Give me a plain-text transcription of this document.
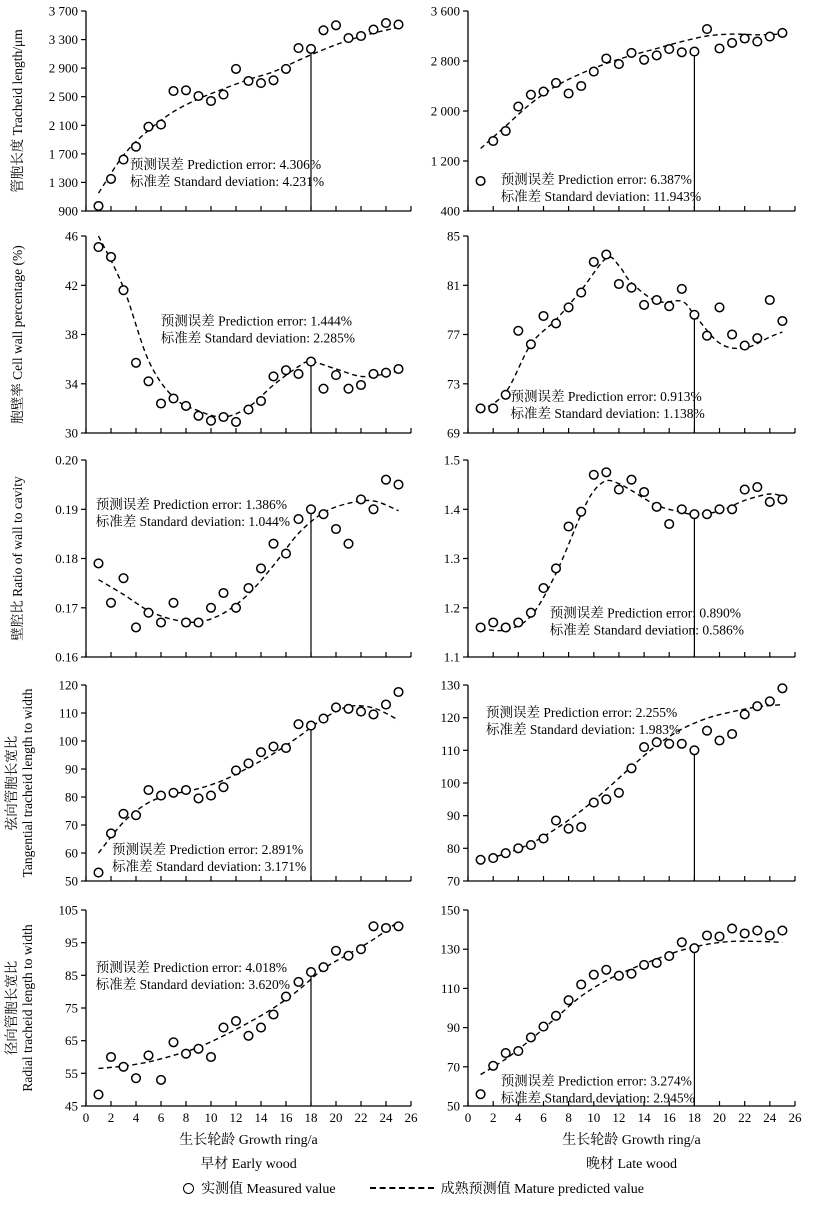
900
1 300
1 700
2 100
2 500
2 900
3 300
3 700
预测误差 Prediction error: 4.306%
标准差 Standard deviation: 4.231%
管胞长度 Tracheid length/μm
400
1 200
2 000
2 800
3 600
预测误差 Prediction error: 6.387%
标准差 Standard deviation: 11.943%
30
34
38
42
46
预测误差 Prediction error: 1.444%
标准差 Standard deviation: 2.285%
胞壁率 Cell wall percentage (%)
69
73
77
81
85
预测误差 Prediction error: 0.913%
标准差 Standard deviation: 1.138%
0.16
0.17
0.18
0.19
0.20
预测误差 Prediction error: 1.386%
标准差 Standard deviation: 1.044%
壁腔比 Ratio of wall to cavity
1.1
1.2
1.3
1.4
1.5
预测误差 Prediction error: 0.890%
标准差 Standard deviation: 0.586%
50
60
70
80
90
100
110
120
预测误差 Prediction error: 2.891%
标准差 Standard deviation: 3.171%
弦向管胞长宽比 Tangential tracheid length to width
70
80
90
100
110
120
130
预测误差 Prediction error: 2.255%
标准差 Standard deviation: 1.983%
45
55
65
75
85
95
105
0 2 4 6 8 10 12 14 16 18 20 22 24 26
预测误差 Prediction error: 4.018%
标准差 Standard deviation: 3.620%
径向管胞长宽比 Radial tracheid length to width
50
70
90
110
130
150
0 2 4 6 8 10 12 14 16 18 20 22 24 26
预测误差 Prediction error: 3.274%
标准差 Standard deviation: 2.945%
生长轮龄 Growth ring/a	生长轮龄 Growth ring/a
早材 Early wood	晚材 Late wood
实测值 Measured value	成熟预测值 Mature predicted value
